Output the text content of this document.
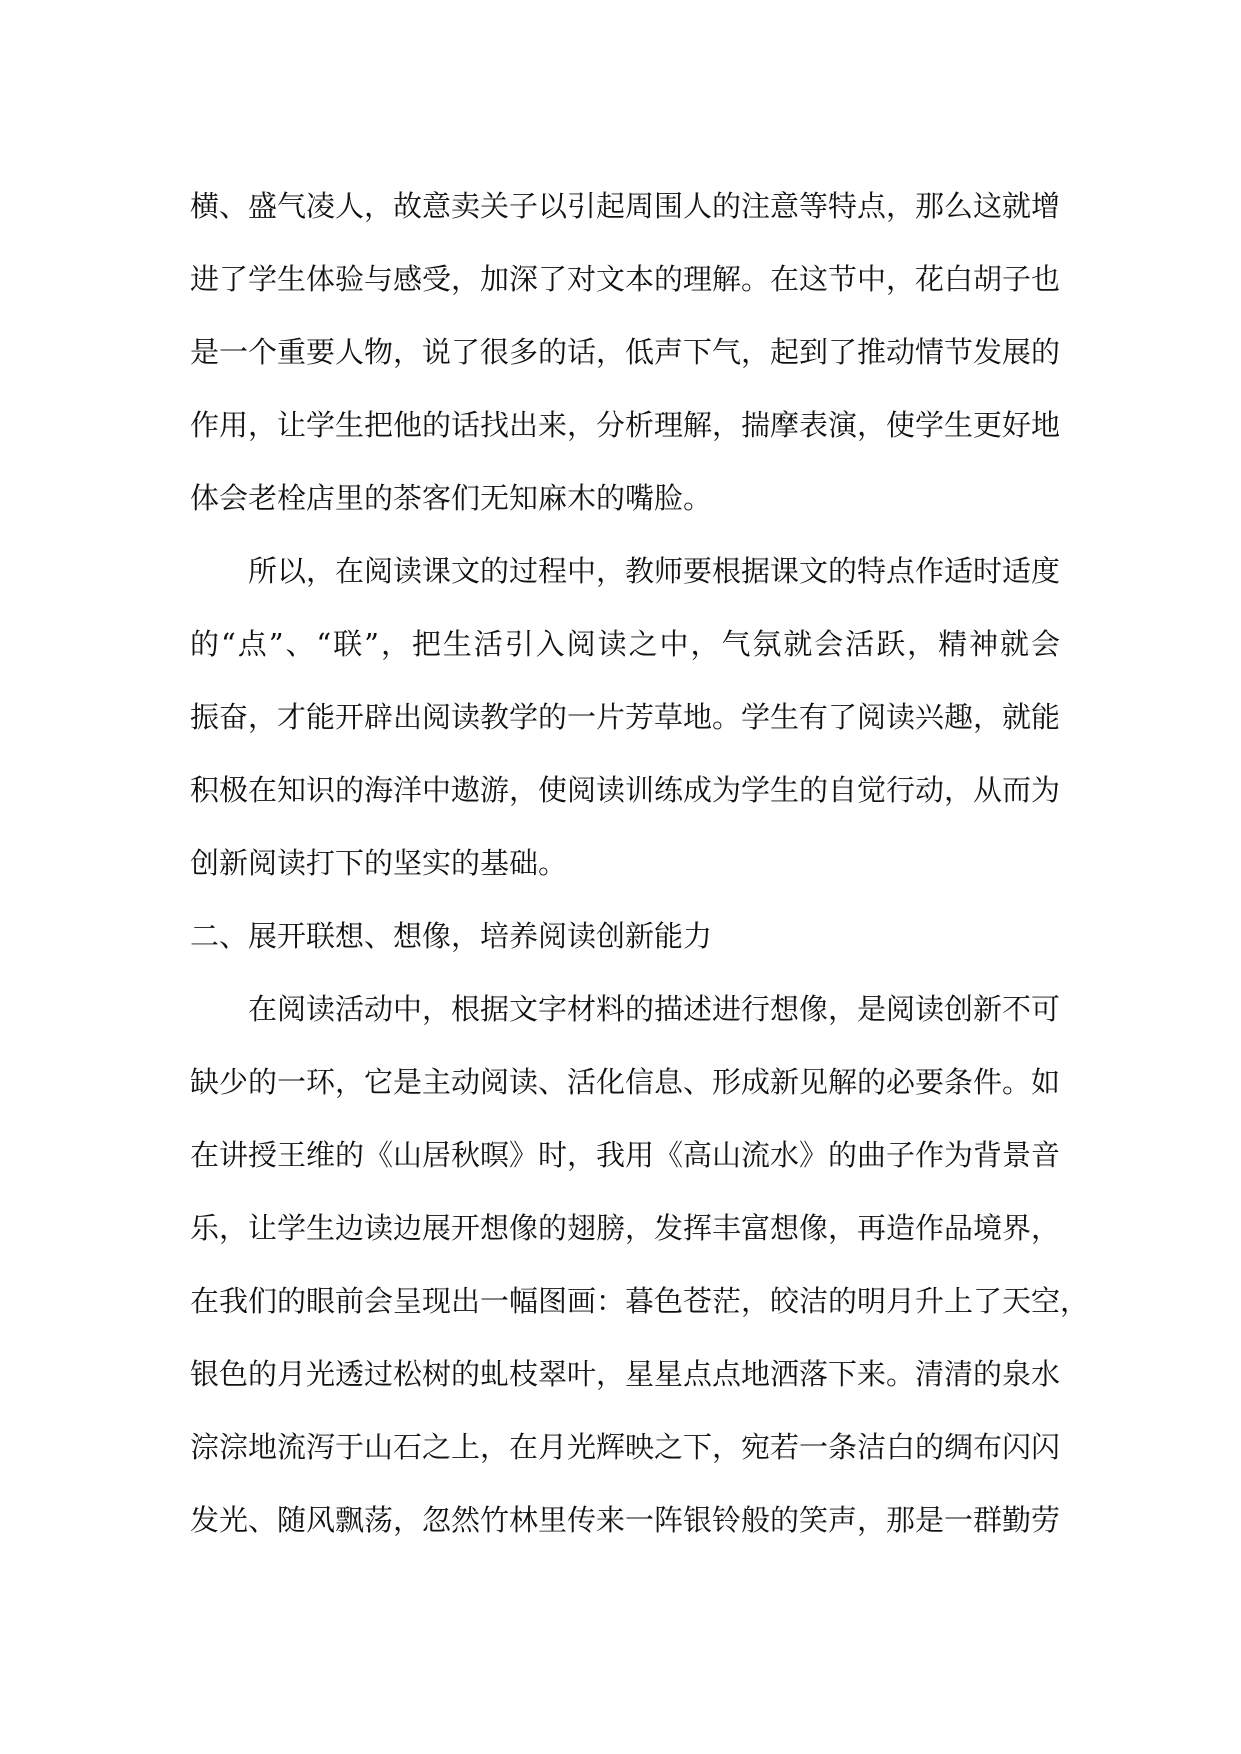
横、盛气凌人，故意卖关子以引起周围人的注意等特点，那么这就增
进了学生体验与感受，加深了对文本的理解。在这节中，花白胡子也
是一个重要人物，说了很多的话，低声下气，起到了推动情节发展的
作用，让学生把他的话找出来，分析理解，揣摩表演，使学生更好地
体会老栓店里的茶客们无知麻木的嘴脸。
所以，在阅读课文的过程中，教师要根据课文的特点作适时适度
的“点”、“联”，把生活引入阅读之中，气氛就会活跃，精神就会
振奋，才能开辟出阅读教学的一片芳草地。学生有了阅读兴趣，就能
积极在知识的海洋中遨游，使阅读训练成为学生的自觉行动，从而为
创新阅读打下的坚实的基础。
二、展开联想、想像，培养阅读创新能力
在阅读活动中，根据文字材料的描述进行想像，是阅读创新不可
缺少的一环，它是主动阅读、活化信息、形成新见解的必要条件。如
在讲授王维的《山居秋暝》时，我用《高山流水》的曲子作为背景音
乐，让学生边读边展开想像的翅膀，发挥丰富想像，再造作品境界，
在我们的眼前会呈现出一幅图画：暮色苍茫，皎洁的明月升上了天空，
银色的月光透过松树的虬枝翠叶，星星点点地洒落下来。清清的泉水
淙淙地流泻于山石之上，在月光辉映之下，宛若一条洁白的绸布闪闪
发光、随风飘荡，忽然竹林里传来一阵银铃般的笑声，那是一群勤劳
